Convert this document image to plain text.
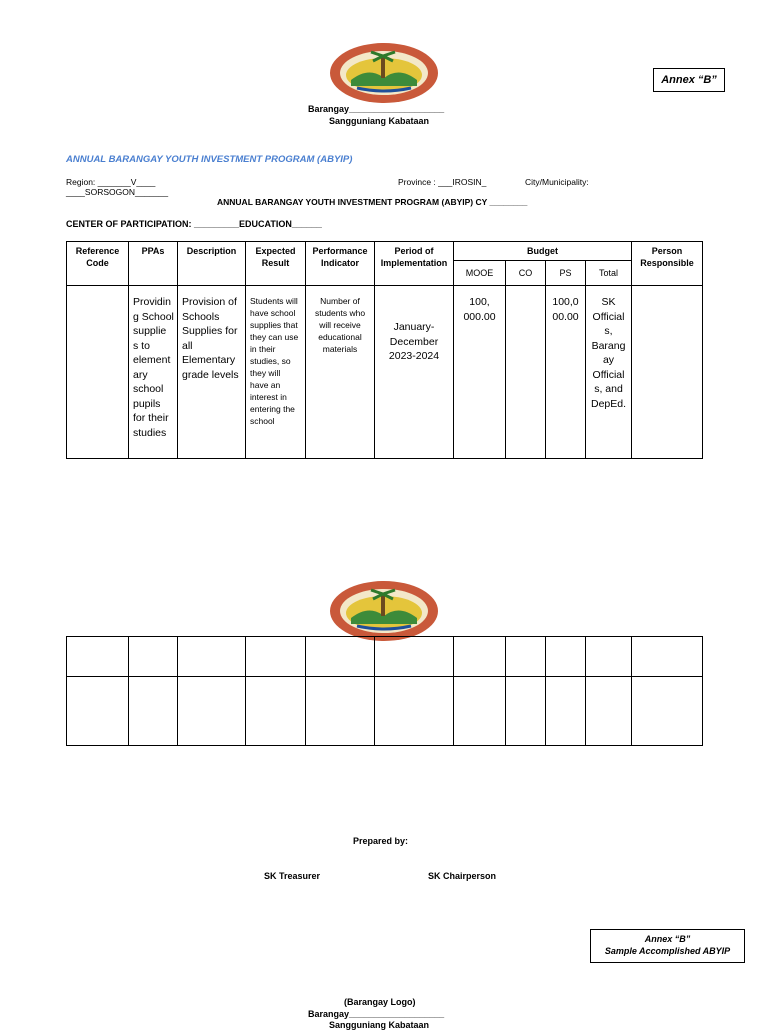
Annex “B”
Barangay___________________
Sangguniang Kabataan
ANNUAL BARANGAY YOUTH INVESTMENT PROGRAM (ABYIP)
Region: _______V____
____SORSOGON_______
Province : ___IROSIN_	City/Municipality:
ANNUAL BARANGAY YOUTH INVESTMENT PROGRAM (ABYIP) CY ________
CENTER OF PARTICIPATION: _________EDUCATION______
Reference Code	PPAs	Description	Expected Result	Performance Indicator	Period of Implementation	Budget				Person Responsible
						MOOE	CO	PS	Total	
	Providin g School supplie s to element ary school pupils for their studies	Provision of Schools Supplies for all Elementary grade levels	Students will have school supplies that they can use in their studies, so they will have an interest in entering the school	Number of students who will receive educational materials	January-December 2023-2024	100, 000.00		100,0 00.00	SK Official s, Barang ay Official s, and DepEd.	

Prepared by:
SK Treasurer	SK Chairperson
Annex “B”
Sample Accomplished ABYIP
(Barangay Logo)
Barangay___________________
Sangguniang Kabataan
